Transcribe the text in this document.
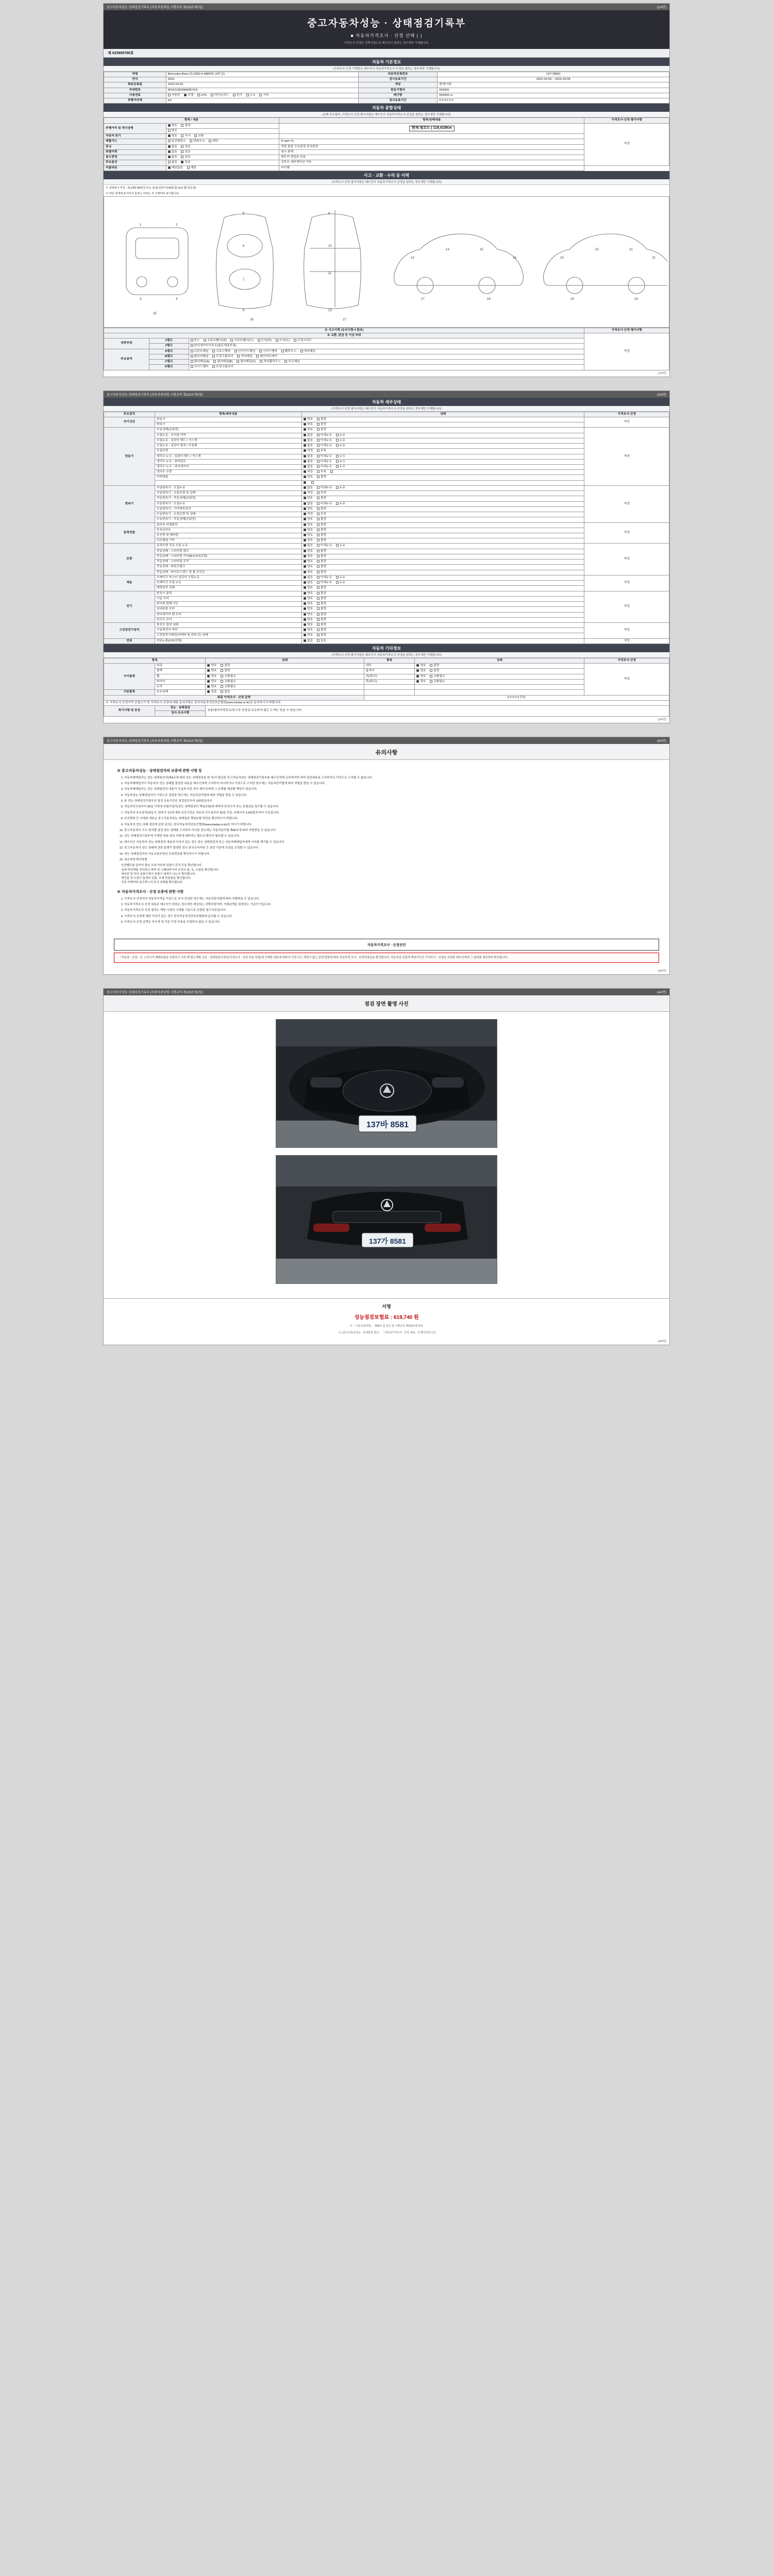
중고자동차성능·상태점검기록부 (자동차관리법 시행규칙 제120조제1항)	(1/4면)
중고자동차성능 · 상태점검기록부
■ 자동차가격조사 · 산정 선택 ( )
가격조사·산정은 선택사항으로 매수인이 원하는 경우에만 기재합니다.
제 023905766호
자동차 기본정보
(가격조사·산정 기재란은 매수인이 자동차가격조사·산정을 원하는 경우에만 기재합니다)
차명	Mercedes-Benz CLS300 d 4MATIC (4등급)	자동차등록번호	137나8581
연식	2022	검사유효기간	2022-03-09 ~ 2026-03-08
최초등록일	2022-03-09	색상	흰색/기타
차대번호	W1K2190GMA087415	원동기형식	654920
사용연료	가솔린 디젤 LPG 하이브리드 전기 수소 기타	배기량	654000 cc
주행거리계	km	검사유효기간	0 0 0 0 0 0
자동차 종합상태
(상태 주요항목, 가격조사·산정 평가사항은 매수인이 자동차가격조사·산정을 원하는 경우에만 기재합니다)
항목 / 내용		항목/상태내용	가격조사·산정 평가사항
주행거리 및 계기상태	양호 불량	현재 레코드 | 119,410Km	적정
	양호		
자동차 표기	양호 부식 교환		
배출가스	일산화탄소 탄화수소 매연	% ppm %	
튜닝	없음 있음	적법 불법 구조변경 장치변경	
특별이력	없음 있음	침수 화재	
용도변경	없음 있음	렌트카 영업용 관용	
주요옵션	없음 있음	선루프 내비게이션 기타	
리콜대상	해당없음 해당	미이행	
사고 · 교환 · 수리 등 이력
(가격조사·산정 평가사항은 매수인이 자동차가격조사·산정을 원하는 경우에만 기재합니다)
※ 상태표시 부호 : X(교환) W(판금 또는 용접) C(부식) A(흠집) U(요철) T(손상)
※ 하단 상태에 표기하지 못하는 부위는 각 기재하여 표기합니다.
1	2
3	4
5
6
7
8
9
10
11
12
13
14	15
16
17	18
19
20	21
22
23	24
25
26	27
※ 사고이력 (유의사항 4 참조)			가격조사·산정 평가사항
※ 교환, 판금 등 이상 부위			적정
외판부위	1랭크	후드 프론트휀더(좌) 프론트휀더(우) 도어(좌) 도어(우) 트렁크리드	
	2랭크	라디에이터서포트(볼트체결부품)	
주요골격	A랭크	프론트패널 크로스멤버 인사이드패널 사이드멤버 휠하우스 대쉬패널	
	B랭크	플로어패널 트렁크플로어 리어패널 패키지트레이	
	C랭크	필러패널(A) 필러패널(B) 필러패널(C) 리어휠하우스 루프패널	
	D랭크	사이드멤버 트렁크플로어	
(1/4면)
중고자동차성능·상태점검기록부 (자동차관리법 시행규칙 제120조제1항)	(2/4면)
자동차 세부상태
(가격조사·산정 평가사항은 매수인이 자동차가격조사·산정을 원하는 경우에만 기재합니다)
주요장치	항목/세부내용	상태	가격조사·산정
자기진단	원동기	양호 불량	적정
	변속기	양호 불량	
원동기	작동상태(공회전)	양호 불량	적정
	오일누유 - 로커암 커버	없음 미세누유 누유	
	오일누유 - 실린더 헤드 / 가스켓	없음 미세누유 누유	
	오일누유 - 실린더 블록 / 오일팬	없음 미세누유 누유	
	오일유량	적정 부족	
	냉각수 누수 - 실린더 헤드 / 가스켓	없음 미세누수 누수	
	냉각수 누수 - 워터펌프	없음 미세누수 누수	
	냉각수 누수 - 라디에이터	없음 미세누수 누수	
	냉각수 수량	적정 부족	
	커먼레일	양호 불량	

변속기	자동변속기 - 오일누유	없음 미세누유 누유	적정
	자동변속기 - 오일유량 및 상태	적정 부족	
	자동변속기 - 작동상태(공회전)	양호 불량	
	수동변속기 - 오일누유	없음 미세누유 누유	
	수동변속기 - 기어변속장치	양호 불량	
	수동변속기 - 오일유량 및 상태	적정 부족	
	수동변속기 - 작동상태(공회전)	양호 불량	
동력전달	클러치 어셈블리	양호 불량	적정
	등속죠인트	양호 불량	
	추진축 및 베어링	양호 불량	
	디프렌셜 기어	양호 불량	
조향	동력조향 작동 오일 누유	없음 미세누유 누유	적정
	작동상태 - 스티어링 펌프	양호 불량	
	작동상태 - 스티어링 기어(M.D.P.S포함)	양호 불량	
	작동상태 - 스티어링 조작	양호 불량	
	작동상태 - 파워크랭크	양호 불량	
	작동상태 - 타이로드엔드 및 볼 조인트	양호 불량	
제동	브레이크 마스터 실린더 오일누유	없음 미세누유 누유	적정
	브레이크 오일 누유	없음 미세누유 누유	
	배력장치 상태	양호 불량	
전기	발전기 출력	양호 불량	적정
	시동 모터	양호 불량	
	와이퍼 함께 기능	양호 불량	
	실내송풍 모터	양호 불량	
	라디에이터 팬 모터	양호 불량	
	윈도우 모터	양호 불량	
고전원전기장치	충전구 절연 상태	양호 불량	적정
	구동축전지 격리	양호 불량	
	고전원전기배선(커넥터 및 피복 등) 상태	양호 불량	
연료	연료누출(LPG포함)	없음 있음	적정
자동차 기타정보
(가격조사·산정 평가사항은 매수인이 자동차가격조사·산정을 원하는 경우에만 기재합니다)
항목		상태	항목	상태	가격조사·산정
사이클링	외관	양호 불량	내부	양호 불량	적정
	광택	양호 불량	룸미러	양호 불량	
	휠	양호 교환필요	전(좌/우)	양호 교환필요	
	타이어	양호 교환필요	후(좌/우)	양호 교환필요	
	유리	양호 교환필요			
기본품목	보유상태	있음 없음			
최종 가격조사 · 산정 금액			0 0 0 0 0 만원		
※ 가격조사·산정가격 산출근거 및 가격조사·산정에 대한 문의사항은 한국자동차진단보증협회(www.kadaa.or.kr)로 문의하시기 바랍니다.					
특기사항 및 증상	성능 · 상태점검	보통/열차이력공유/중고차 특성상 보유하지 않은 도색은 있을 수 있습니다.			
	검사·조사사항				
(2/4면)
중고자동차성능·상태점검기록부 (자동차관리법 시행규칙 제120조제1항)	(3/4면)
유의사항
※ 중고자동차성능 · 상태점검자의 보증에 관한 사항 등
1. 자동차매매업자는 성능·상태점검자(제4조에 따라 성능·상태점검을 한 자)가 발급한 중고자동차성능·상태점검기록부를 매수인에게 교부하여야 하며 점검내용을 고지하거나 거짓으로 고지할 수 없습니다.
2. 자동차매매업자가 자동차의 성능·상태를 점검한 내용을 매수인에게 고지하지 아니하거나 거짓으로 고지한 경우에는 자동차관리법에 따라 처벌을 받을 수 있습니다.
3. 자동차매매업자는 성능·상태점검의 내용이 사실과 다른 경우 매수인에게 그 손해를 배상할 책임이 있습니다.
4. 자동차성능·상태점검자가 거짓으로 점검한 경우에는 자동차관리법에 따라 처벌을 받을 수 있습니다.
5. 본 성능·상태점검기록부의 점검 유효기간은 점검일로부터 120일입니다.
6. 자동차인수일부터 30일 이내에 보험사업자(성능·상태점검의 책임보험)에 대하여 보증수리 또는 보험금을 청구할 수 있습니다.
7. 자동차의 주요장치(원동기, 변속기 등)에 대한 보증기간은 자동차 인수일부터 30일 이상, 주행거리 2,000킬로미터 이상입니다.
8. 보증범위 등 자세한 내용은 중고자동차성능·상태점검 책임보험 약관을 확인하시기 바랍니다.
9. 자동차의 성능·상태 점검에 관한 문의는 한국자동차진단보증협회(www.kadaa.or.kr)로 하시기 바랍니다.
10. 중고자동차의 구조·장치별 점검 성능·상태를 고지하지 아니한 경우에는 자동차관리법 제80조에 따라 처벌받을 수 있습니다.
11. 성능·상태점검기록부에 기재된 내용 외의 사항에 대하여는 별도의 확인이 필요할 수 있습니다.
12. 매수인은 자동차의 성능·상태점검 내용에 이의가 있는 경우 성능·상태점검자 또는 자동차매매업자에게 이의를 제기할 수 있습니다.
13. 중고자동차의 성능·상태에 관한 분쟁이 발생한 경우 한국소비자원 등 관련 기관에 조정을 신청할 수 있습니다.
14. 성능·상태점검자의 국토교통부장관 등록번호를 확인하시기 바랍니다.
15. 침수차량 확인방법
안전벨트를 끝까지 풀어 오염 여부와 곰팡이 흔적 등을 확인합니다.
실내 바닥재를 걷어내고 바닥 및 스페어타이어 공간의 흙, 녹, 오염을 확인합니다.
에어컨 및 히터 송풍구에서 곰팡이 냄새가 나는지 확인합니다.
엔진룸 및 트렁크 틈새의 진흙, 모래 잔류물을 확인합니다.
각종 커넥터와 퓨즈박스의 부식 상태를 확인합니다.
※ 자동차가격조사 · 산정 보증에 관한 사항
1. 가격조사·산정자가 자동차가격을 거짓으로 조사·산정한 경우에는 자동차관리법에 따라 처벌받을 수 있습니다.
2. 자동차가격조사·산정 내용은 매수인이 원하는 경우에만 제공되는 선택사항이며, 거래금액을 결정하는 기준이 아닙니다.
3. 자동차가격조사·산정 결과는 해당 시점의 시세를 기준으로 산출된 참고자료입니다.
4. 가격조사·산정에 대한 이의가 있는 경우 한국자동차진단보증협회에 문의할 수 있습니다.
5. 가격조사·산정 금액은 부가세 및 각종 이전 비용을 포함하지 않을 수 있습니다.
자동차가격조사 · 산정선언
「자동차 · 산정」은 上의기가 매매보험을 의결하고 수하 매 결고계획 신을 · 상태점검기록부(가격조사 · 산정 부분 포함)에 기재한 내용에 대하여 거짓 또는 과장이 없고 관계 법령에 따라 성실하게 조사 · 산정하였음을 확인합니다. 자동차의 실질에 책임이므로 가격조사 · 산정을 의뢰한 매수인에게 그 결과를 제공하며 확인합니다.
(3/4면)
중고자동차성능·상태점검기록부 (자동차관리법 시행규칙 제120조제1항)	(4/4면)
점검 장면 촬영 사진
137바 8581
137가 8581
서명
성능점검보험료 : 619,740 원
※ 「자동차관리법」 제58조 및 같은 법 시행규칙 제120조에 따라
「[ㄴ]중고자동차성능 · 상태점검 결과」 「자동차가격조사 · 산정 내용」의 확인란입니다.
(4/4면)
